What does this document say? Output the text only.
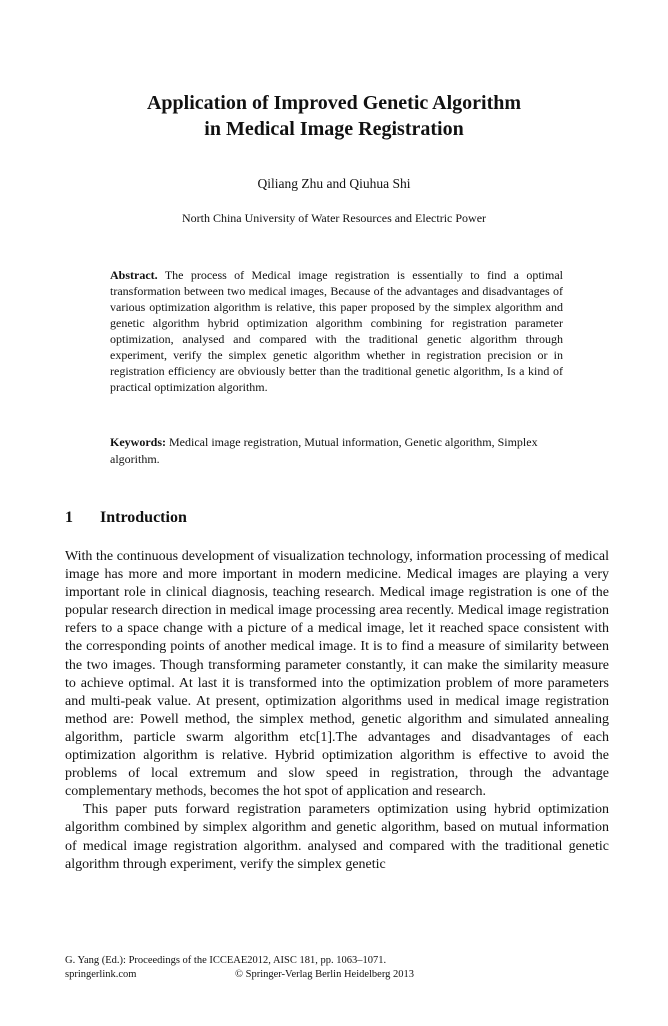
Application of Improved Genetic Algorithm
in Medical Image Registration
Qiliang Zhu and Qiuhua Shi
North China University of Water Resources and Electric Power
Abstract. The process of Medical image registration is essentially to find a optimal transformation between two medical images, Because of the advantages and disadvantages of various optimization algorithm is relative, this paper proposed by the simplex algorithm and genetic algorithm hybrid optimization algorithm combining for registration parameter optimization, analysed and compared with the traditional genetic algorithm through experiment, verify the simplex genetic algorithm whether in registration precision or in registration efficiency are obviously better than the traditional genetic algorithm, Is a kind of practical optimization algorithm.
Keywords: Medical image registration, Mutual information, Genetic algorithm, Simplex algorithm.
1 Introduction

With the continuous development of visualization technology, information processing of medical image has more and more important in modern medicine. Medical images are playing a very important role in clinical diagnosis, teaching research. Medical image registration is one of the popular research direction in medical image processing area recently. Medical image registration refers to a space change with a picture of a medical image, let it reached space consistent with the corresponding points of another medical image. It is to find a measure of similarity between the two images. Though transforming parameter constantly, it can make the similarity measure to achieve optimal. At last it is transformed into the optimization problem of more parameters and multi-peak value. At present, optimization algorithms used in medical image registration method are: Powell method, the simplex method, genetic algorithm and simulated annealing algorithm, particle swarm algorithm etc[1].The advantages and disadvantages of each optimization algorithm is relative. Hybrid optimization algorithm is effective to avoid the problems of local extremum and slow speed in registration, through the advantage complementary methods, becomes the hot spot of application and research.

This paper puts forward registration parameters optimization using hybrid optimization algorithm combined by simplex algorithm and genetic algorithm, based on mutual information of medical image registration algorithm. analysed and compared with the traditional genetic algorithm through experiment, verify the simplex genetic

G. Yang (Ed.): Proceedings of the ICCEAE2012, AISC 181, pp. 1063–1071.
springerlink.com	© Springer-Verlag Berlin Heidelberg 2013
